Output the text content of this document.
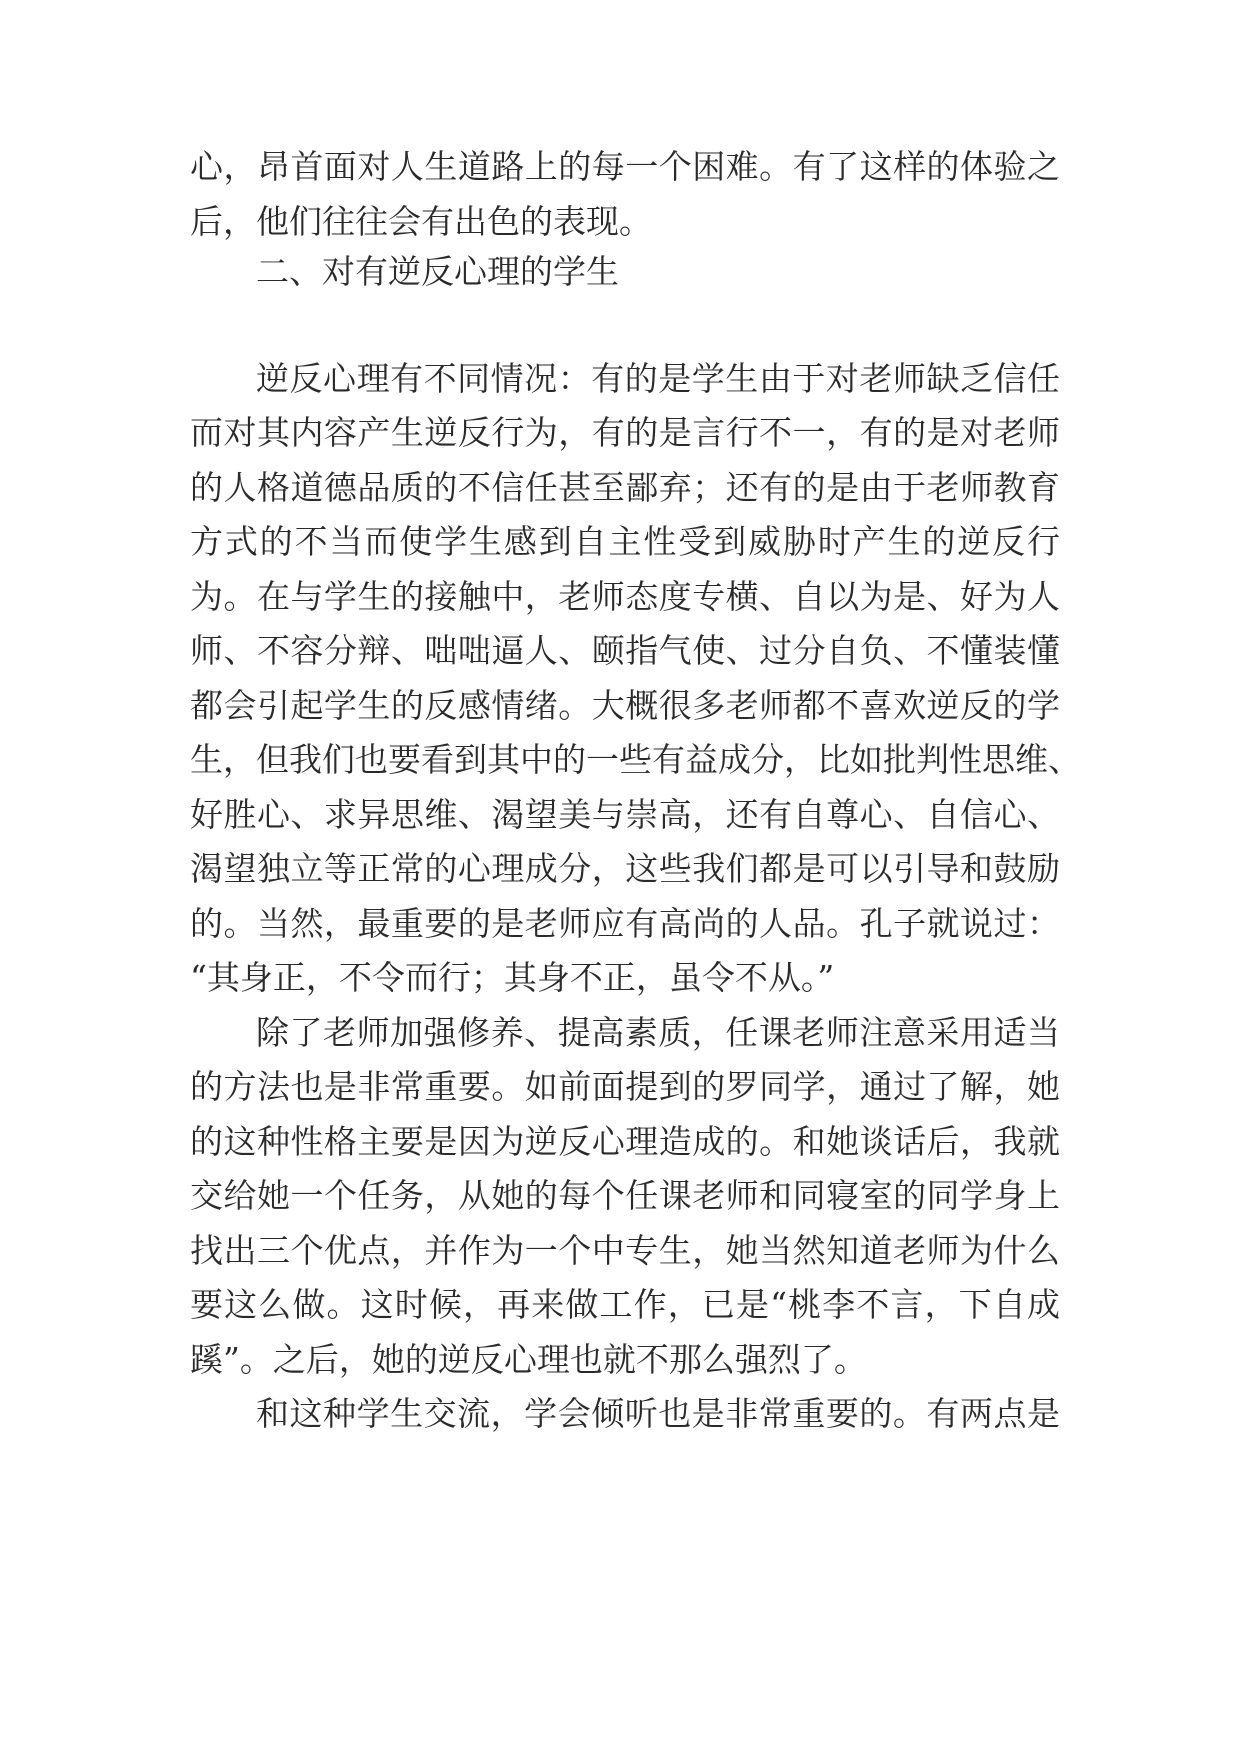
心，昂首面对人生道路上的每一个困难。有了这样的体验之

后，他们往往会有出色的表现。

二、对有逆反心理的学生

逆反心理有不同情况：有的是学生由于对老师缺乏信任

而对其内容产生逆反行为，有的是言行不一，有的是对老师

的人格道德品质的不信任甚至鄙弃；还有的是由于老师教育

方式的不当而使学生感到自主性受到威胁时产生的逆反行

为。在与学生的接触中，老师态度专横、自以为是、好为人

师、不容分辩、咄咄逼人、颐指气使、过分自负、不懂装懂

都会引起学生的反感情绪。大概很多老师都不喜欢逆反的学

生，但我们也要看到其中的一些有益成分，比如批判性思维、

好胜心、求异思维、渴望美与崇高，还有自尊心、自信心、

渴望独立等正常的心理成分，这些我们都是可以引导和鼓励

的。当然，最重要的是老师应有高尚的人品。孔子就说过：

“其身正，不令而行；其身不正，虽令不从。”

除了老师加强修养、提高素质，任课老师注意采用适当

的方法也是非常重要。如前面提到的罗同学，通过了解，她

的这种性格主要是因为逆反心理造成的。和她谈话后，我就

交给她一个任务，从她的每个任课老师和同寝室的同学身上

找出三个优点，并作为一个中专生，她当然知道老师为什么

要这么做。这时候，再来做工作，已是“桃李不言，下自成

蹊”。之后，她的逆反心理也就不那么强烈了。

和这种学生交流，学会倾听也是非常重要的。有两点是
